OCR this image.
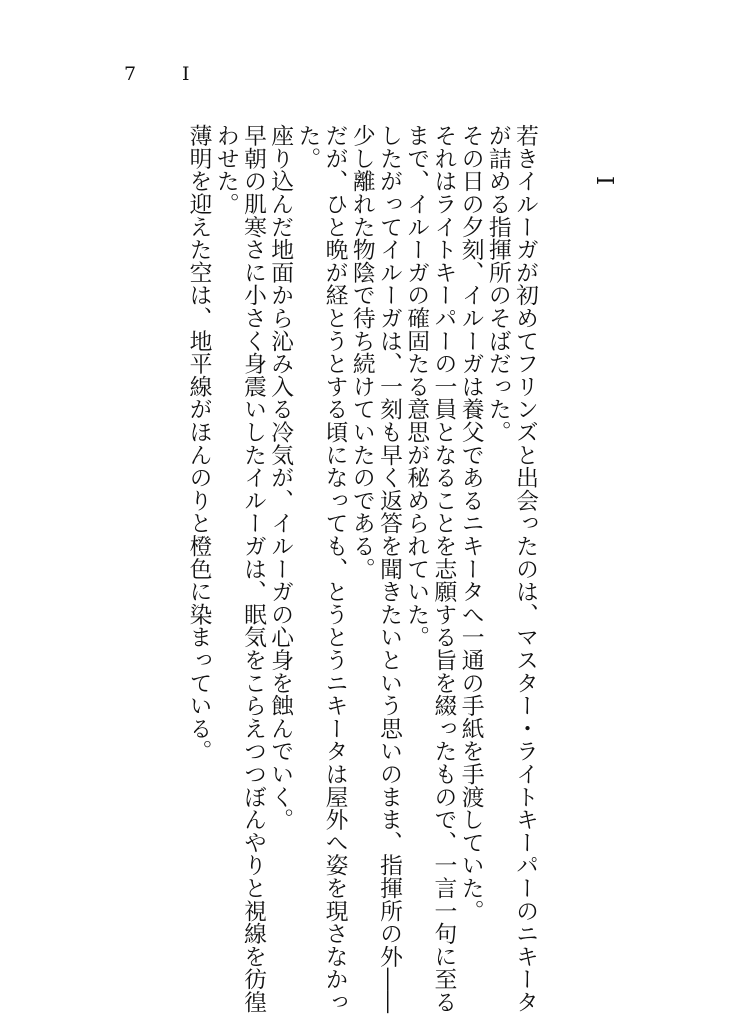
7 I
I
若きイルーガが初めてフリンズと出会ったのは、マスター・ライトキーパーのニキータ
が詰める指揮所のそばだった。
その日の夕刻、イルーガは養父であるニキータへ一通の手紙を手渡していた。
それはライトキーパーの一員となることを志願する旨を綴ったもので、一言一句に至る
まで、イルーガの確固たる意思が秘められていた。
したがってイルーガは、一刻も早く返答を聞きたいという思いのまま、指揮所の外――
少し離れた物陰で待ち続けていたのである。
だが、ひと晩が経とうとする頃になっても、とうとうニキータは屋外へ姿を現さなかっ
た。
座り込んだ地面から沁み入る冷気が、イルーガの心身を蝕んでいく。
早朝の肌寒さに小さく身震いしたイルーガは、眠気をこらえつつぼんやりと視線を彷徨
わせた。
薄明を迎えた空は、地平線がほんのりと橙色に染まっている。
